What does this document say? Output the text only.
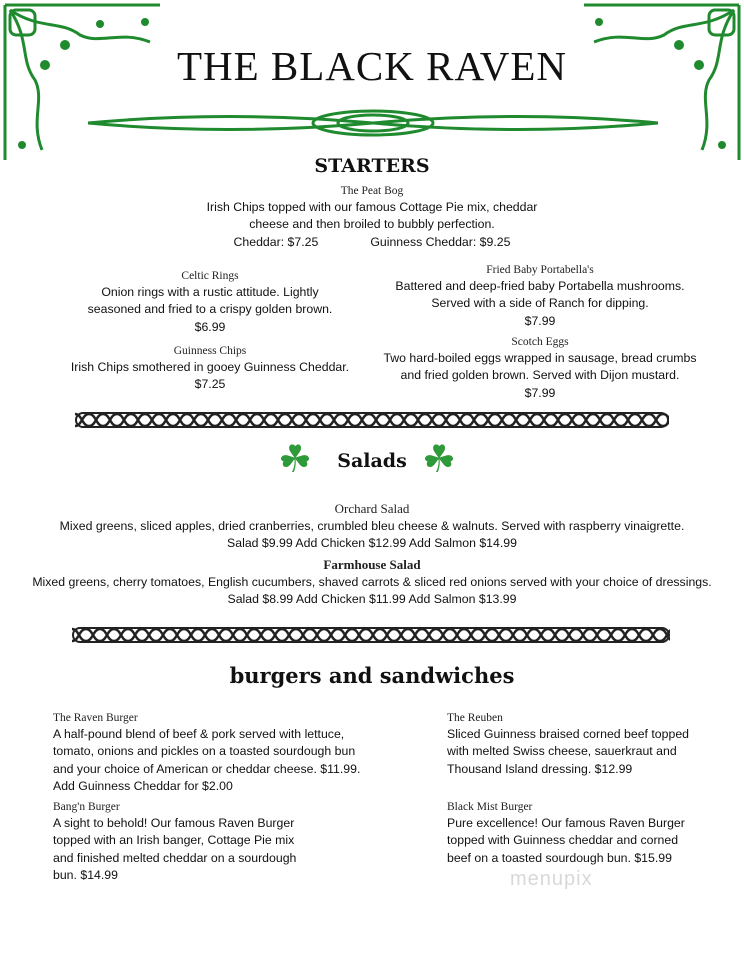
THE BLACK RAVEN
STARTERS
The Peat Bog
Irish Chips topped with our famous Cottage Pie mix, cheddar
cheese and then broiled to bubbly perfection.
Cheddar: $7.25	Guinness Cheddar: $9.25
Celtic Rings
Onion rings with a rustic attitude. Lightly
seasoned and fried to a crispy golden brown.
$6.99
Guinness Chips
Irish Chips smothered in gooey Guinness Cheddar.
$7.25
Fried Baby Portabella's
Battered and deep-fried baby Portabella mushrooms.
Served with a side of Ranch for dipping.
$7.99
Scotch Eggs
Two hard-boiled eggs wrapped in sausage, bread crumbs
and fried golden brown. Served with Dijon mustard.
$7.99
☘	☘
Salads
Orchard Salad
Mixed greens, sliced apples, dried cranberries, crumbled bleu cheese & walnuts. Served with raspberry vinaigrette.
Salad $9.99 Add Chicken $12.99 Add Salmon $14.99
Farmhouse Salad
Mixed greens, cherry tomatoes, English cucumbers, shaved carrots & sliced red onions served with your choice of dressings.
Salad $8.99 Add Chicken $11.99 Add Salmon $13.99
burgers and sandwiches
The Raven Burger
A half-pound blend of beef & pork served with lettuce,
tomato, onions and pickles on a toasted sourdough bun
and your choice of American or cheddar cheese. $11.99.
Add Guinness Cheddar for $2.00
Bang'n Burger
A sight to behold! Our famous Raven Burger
topped with an Irish banger, Cottage Pie mix
and finished melted cheddar on a sourdough
bun. $14.99
The Reuben
Sliced Guinness braised corned beef topped
with melted Swiss cheese, sauerkraut and
Thousand Island dressing. $12.99
Black Mist Burger
Pure excellence! Our famous Raven Burger
topped with Guinness cheddar and corned
beef on a toasted sourdough bun. $15.99
menupix
